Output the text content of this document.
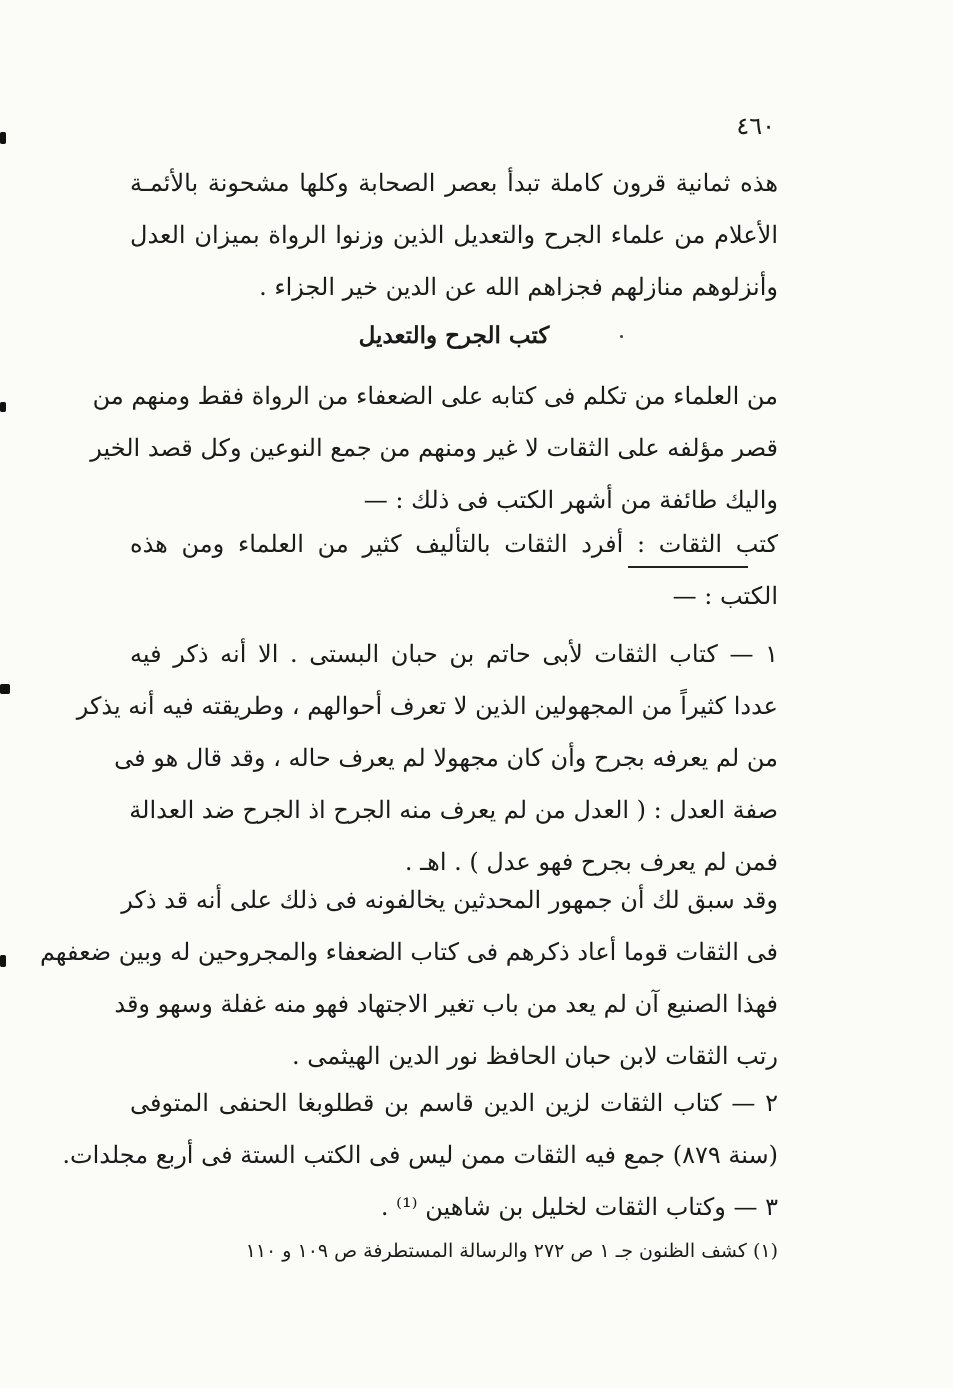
٤٦٠
هذه ثمانية قرون كاملة تبدأ بعصر الصحابة وكلها مشحونة بالأئمـة
الأعلام من علماء الجرح والتعديل الذين وزنوا الرواة بميزان العدل
وأنزلوهم منازلهم فجزاهم الله عن الدين خير الجزاء .
كتب الجرح والتعديل
من العلماء من تكلم فى كتابه على الضعفاء من الرواة فقط ومنهم من
قصر مؤلفه على الثقات لا غير ومنهم من جمع النوعين وكل قصد الخير
واليك طائفة من أشهر الكتب فى ذلك : —
كتب الثقات : أفرد الثقات بالتأليف كثير من العلماء ومن هذه
الكتب : —
١ — كتاب الثقات لأبى حاتم بن حبان البستى . الا أنه ذكر فيه
عددا كثيراً من المجهولين الذين لا تعرف أحوالهم ، وطريقته فيه أنه يذكر
من لم يعرفه بجرح وأن كان مجهولا لم يعرف حاله ، وقد قال هو فى
صفة العدل : ( العدل من لم يعرف منه الجرح اذ الجرح ضد العدالة
فمن لم يعرف بجرح فهو عدل ) . اهـ .
وقد سبق لك أن جمهور المحدثين يخالفونه فى ذلك على أنه قد ذكر
فى الثقات قوما أعاد ذكرهم فى كتاب الضعفاء والمجروحين له وبين ضعفهم
فهذا الصنيع آن لم يعد من باب تغير الاجتهاد فهو منه غفلة وسهو وقد
رتب الثقات لابن حبان الحافظ نور الدين الهيثمى .
٢ — كتاب الثقات لزين الدين قاسم بن قطلوبغا الحنفى المتوفى
(سنة ٨٧٩) جمع فيه الثقات ممن ليس فى الكتب الستة فى أربع مجلدات.
٣ — وكتاب الثقات لخليل بن شاهين ⁽¹⁾ .
(١) كشف الظنون جـ ١ ص ٢٧٢ والرسالة المستطرفة ص ١٠٩ و ١١٠
